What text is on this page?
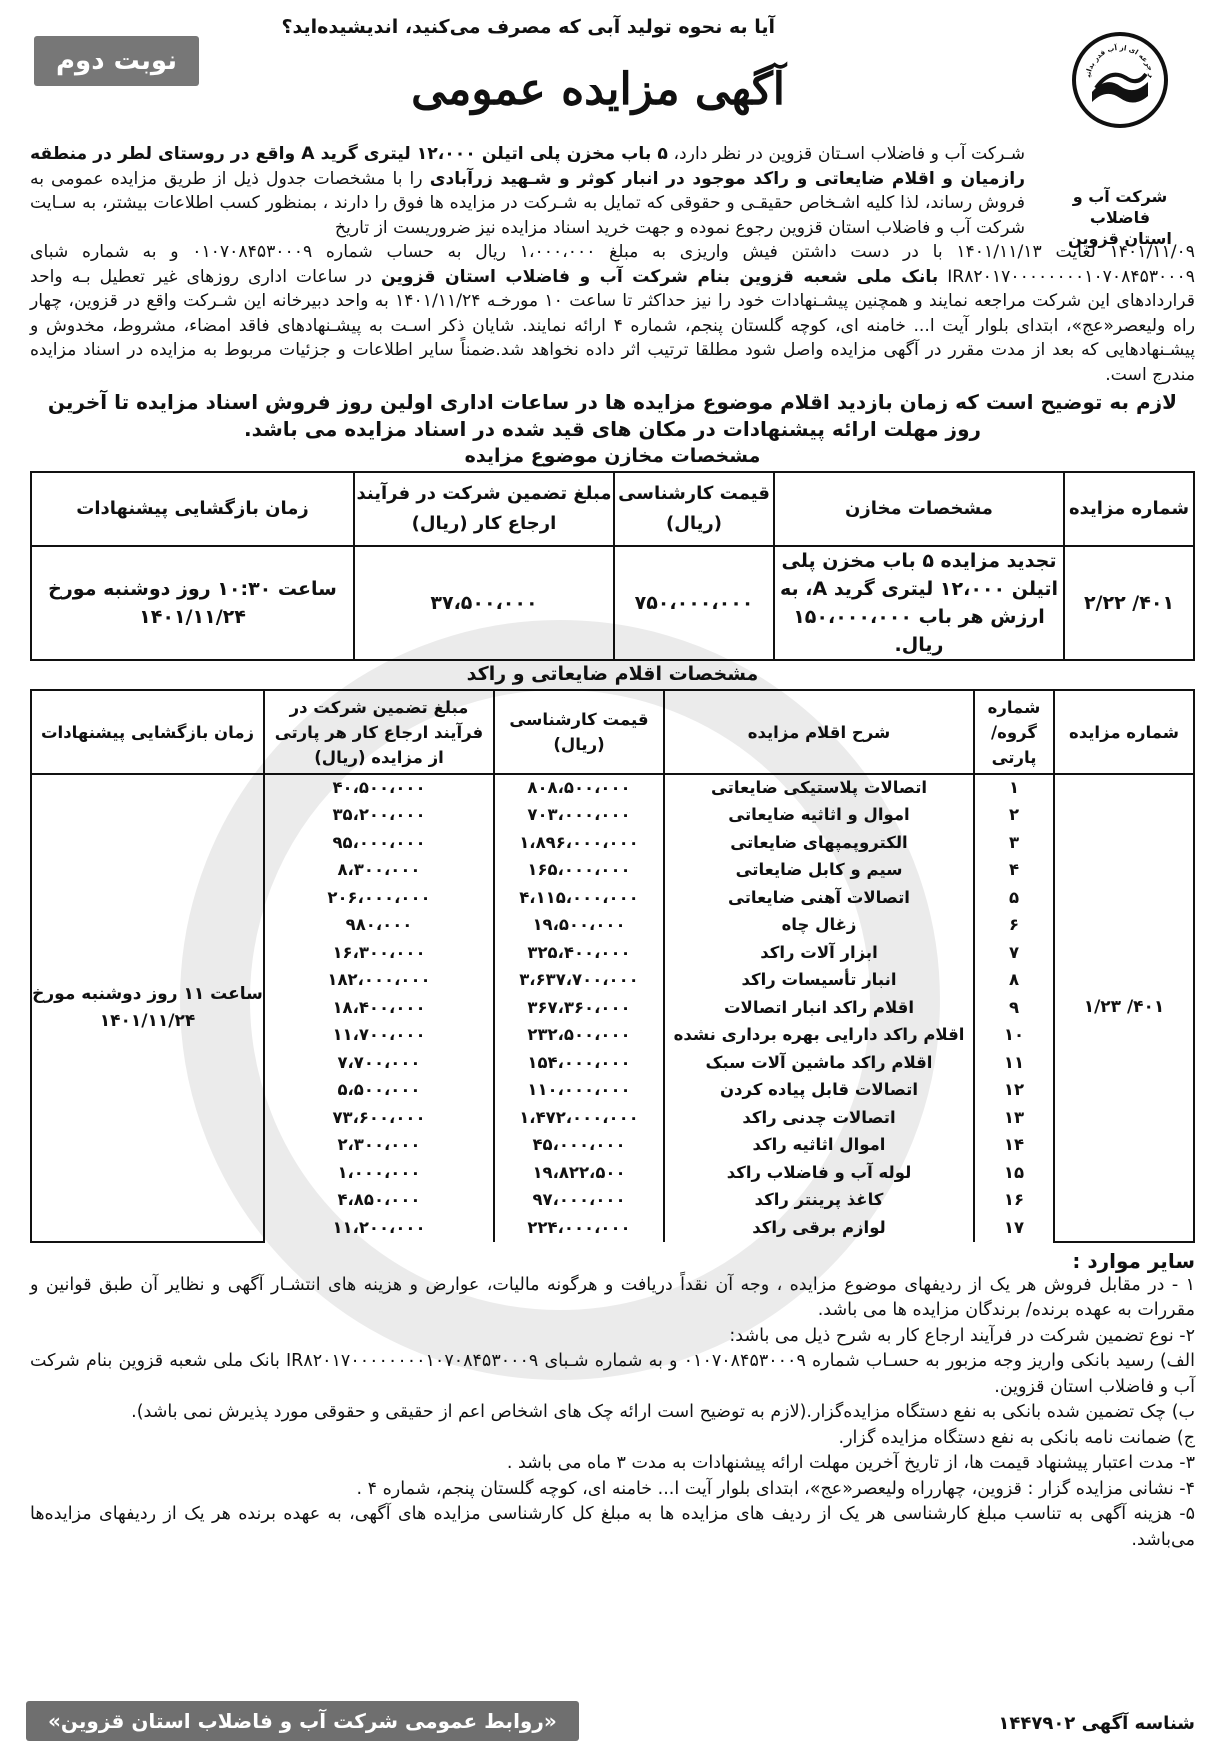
ر جرعه ای از آب قدر بدانی
شرکت آب و فاضلاب
استان قزوین
آیا به نحوه تولید آبی که مصرف می‌کنید، اندیشیده‌اید؟
آگهی مزایده عمومی
نوبت دوم
شـرکت آب و فاضلاب اسـتان قزوین در نظر دارد، ۵ باب مخزن پلی اتیلن ۱۲،۰۰۰ لیتری گرید A واقع در روستای لطر در منطقه رازمیان و اقلام ضایعاتی و راکد موجود در انبار کوثر و شـهید زرآبادی را با مشخصات جدول ذیل از طریق مزایده عمومی به فروش رساند، لذا کلیه اشـخاص حقیقـی و حقوقی که تمایل به شـرکت در مزایده ها فوق را دارند ، بمنظور کسب اطلاعات بیشتر، به سـایت شرکت آب و فاضلاب استان قزوین رجوع نموده و جهت خرید اسناد مزایده نیز ضروریست از تاریخ
۱۴۰۱/۱۱/۰۹ لغایت ۱۴۰۱/۱۱/۱۳ با در دست داشتن فیش واریزی به مبلغ ۱،۰۰۰،۰۰۰ ریال به حساب شماره ۰۱۰۷۰۸۴۵۳۰۰۰۹ و به شماره شبای IR۸۲۰۱۷۰۰۰۰۰۰۰۰۱۰۷۰۸۴۵۳۰۰۰۹ بانک ملی شعبه قزوین بنام شرکت آب و فاضلاب استان قزوین در ساعات اداری روزهای غیر تعطیل بـه واحد قراردادهای این شرکت مراجعه نمایند و همچنین پیشـنهادات خود را نیز حداکثر تا ساعت ۱۰ مورخـه ۱۴۰۱/۱۱/۲۴ به واحد دبیرخانه این شـرکت واقع در قزوین، چهار راه ولیعصر«عج»، ابتدای بلوار آیت ا... خامنه ای، کوچه گلستان پنجم، شماره ۴ ارائه نمایند. شایان ذکر اسـت به پیشـنهادهای فاقد امضاء، مشروط، مخدوش و پیشـنهادهایی که بعد از مدت مقرر در آگهی مزایده واصل شود مطلقا ترتیب اثر داده نخواهد شد.ضمناً سایر اطلاعات و جزئیات مربوط به مزایده در اسناد مزایده مندرج است.
لازم به توضیح است که زمان بازدید اقلام موضوع مزایده ها در ساعات اداری اولین روز فروش اسناد مزایده تا آخرین روز مهلت ارائه پیشنهادات در مکان های قید شده در اسناد مزایده می باشد.
مشخصات مخازن موضوع مزایده
شماره مزایده	مشخصات مخازن	قیمت کارشناسی (ریال)	مبلغ تضمین شرکت در فرآیند ارجاع کار (ریال)	زمان بازگشایی پیشنهادات
۴۰۱/ ۲/۲۲	تجدید مزایده ۵ باب مخزن پلی اتیلن ۱۲،۰۰۰ لیتری گرید A، به ارزش هر باب ۱۵۰،۰۰۰،۰۰۰ ریال.	۷۵۰،۰۰۰،۰۰۰	۳۷،۵۰۰،۰۰۰	ساعت ۱۰:۳۰ روز دوشنبه مورخ ۱۴۰۱/۱۱/۲۴
مشخصات اقلام ضایعاتی و راکد
شماره مزایده	شماره گروه/ پارتی	شرح اقلام مزایده	قیمت کارشناسی (ریال)	مبلغ تضمین شرکت در فرآیند ارجاع کار هر پارتی از مزایده (ریال)	زمان بازگشایی پیشنهادات
۴۰۱/ ۱/۲۳	۱	اتصالات پلاستیکی ضایعاتی	۸۰۸،۵۰۰،۰۰۰	۴۰،۵۰۰،۰۰۰	ساعت ۱۱ روز دوشنبه مورخ ۱۴۰۱/۱۱/۲۴
	۲	اموال و اثاثیه ضایعاتی	۷۰۳،۰۰۰،۰۰۰	۳۵،۲۰۰،۰۰۰	
	۳	الکتروپمپهای ضایعاتی	۱،۸۹۶،۰۰۰،۰۰۰	۹۵،۰۰۰،۰۰۰	
	۴	سیم و کابل ضایعاتی	۱۶۵،۰۰۰،۰۰۰	۸،۳۰۰،۰۰۰	
	۵	اتصالات آهنی ضایعاتی	۴،۱۱۵،۰۰۰،۰۰۰	۲۰۶،۰۰۰،۰۰۰	
	۶	زغال چاه	۱۹،۵۰۰،۰۰۰	۹۸۰،۰۰۰	
	۷	ابزار آلات راکد	۳۲۵،۴۰۰،۰۰۰	۱۶،۳۰۰،۰۰۰	
	۸	انبار تأسیسات راکد	۳،۶۳۷،۷۰۰،۰۰۰	۱۸۲،۰۰۰،۰۰۰	
	۹	اقلام راکد انبار اتصالات	۳۶۷،۳۶۰،۰۰۰	۱۸،۴۰۰،۰۰۰	
	۱۰	اقلام راکد دارایی بهره برداری نشده	۲۳۲،۵۰۰،۰۰۰	۱۱،۷۰۰،۰۰۰	
	۱۱	اقلام راکد ماشین آلات سبک	۱۵۴،۰۰۰،۰۰۰	۷،۷۰۰،۰۰۰	
	۱۲	اتصالات قابل پیاده کردن	۱۱۰،۰۰۰،۰۰۰	۵،۵۰۰،۰۰۰	
	۱۳	اتصالات چدنی راکد	۱،۴۷۲،۰۰۰،۰۰۰	۷۳،۶۰۰،۰۰۰	
	۱۴	اموال اثاثیه راکد	۴۵،۰۰۰،۰۰۰	۲،۳۰۰،۰۰۰	
	۱۵	لوله آب و فاضلاب راکد	۱۹،۸۲۲،۵۰۰	۱،۰۰۰،۰۰۰	
	۱۶	کاغذ پرینتر راکد	۹۷،۰۰۰،۰۰۰	۴،۸۵۰،۰۰۰	
	۱۷	لوازم برقی راکد	۲۲۴،۰۰۰،۰۰۰	۱۱،۲۰۰،۰۰۰	
سایر موارد :
۱ - در مقابل فروش هر یک از ردیفهای موضوع مزایده ، وجه آن نقداً دریافت و هرگونه مالیات، عوارض و هزینه های انتشـار آگهی و نظایر آن طبق قوانین و مقررات به عهده برنده/ برندگان مزایده ها می باشد.
۲- نوع تضمین شرکت در فرآیند ارجاع کار به شرح ذیل می باشد:
الف) رسید بانکی واریز وجه مزبور به حسـاب شماره ۰۱۰۷۰۸۴۵۳۰۰۰۹ و به شماره شـبای IR۸۲۰۱۷۰۰۰۰۰۰۰۰۱۰۷۰۸۴۵۳۰۰۰۹ بانک ملی شعبه قزوین بنام شرکت آب و فاضلاب استان قزوین.
ب) چک تضمین شده بانکی به نفع دستگاه مزایده‌گزار.(لازم به توضیح است ارائه چک های اشخاص اعم از حقیقی و حقوقی مورد پذیرش نمی باشد).
ج) ضمانت نامه بانکی به نفع دستگاه مزایده گزار.
۳- مدت اعتبار پیشنهاد قیمت ها، از تاریخ آخرین مهلت ارائه پیشنهادات به مدت ۳ ماه می باشد .
۴- نشانی مزایده گزار : قزوین، چهارراه ولیعصر«عج»، ابتدای بلوار آیت ا... خامنه ای، کوچه گلستان پنجم، شماره ۴ .
۵- هزینه آگهی به تناسب مبلغ کارشناسی هر یک از ردیف های مزایده ها به مبلغ کل کارشناسی مزایده های آگهی، به عهده برنده هر یک از ردیفهای مزایده‌ها می‌باشد.
«روابط عمومی شرکت آب و فاضلاب استان قزوین»	شناسه آگهی ۱۴۴۷۹۰۲
